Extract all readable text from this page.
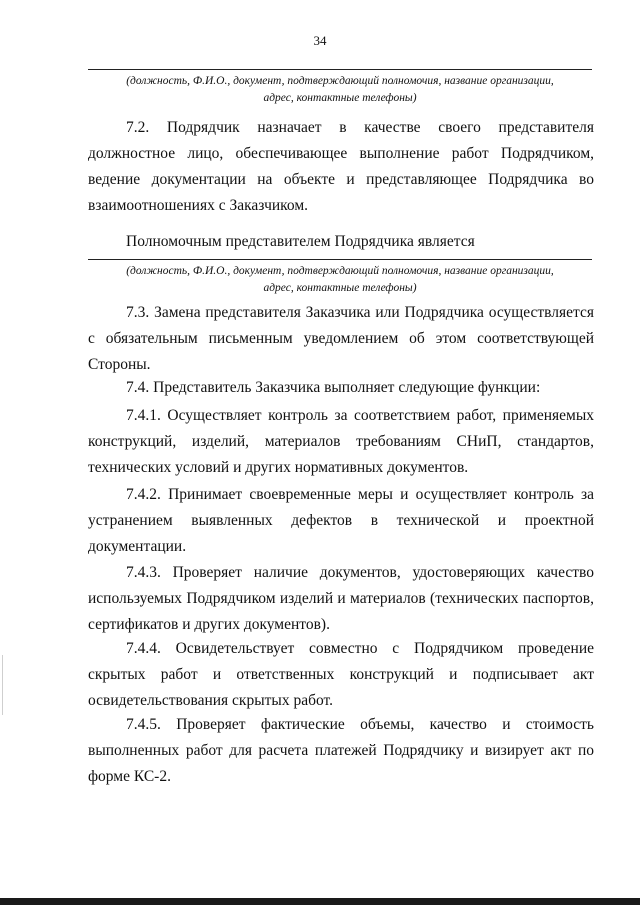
34
(должность, Ф.И.О., документ, подтверждающий полномочия, название организации,
адрес, контактные телефоны)

7.2. Подрядчик назначает в качестве своего представителя должностное лицо, обеспечивающее выполнение работ Подрядчиком, ведение документации на объекте и представляющее Подрядчика во взаимоотношениях с Заказчиком.

Полномочным представителем Подрядчика является
(должность, Ф.И.О., документ, подтверждающий полномочия, название организации,
адрес, контактные телефоны)

7.3. Замена представителя Заказчика или Подрядчика осуществляется с обязательным письменным уведомлением об этом соответствующей Стороны.

7.4. Представитель Заказчика выполняет следующие функции:

7.4.1. Осуществляет контроль за соответствием работ, применяемых конструкций, изделий, материалов требованиям СНиП, стандартов, технических условий и других нормативных документов.

7.4.2. Принимает своевременные меры и осуществляет контроль за устранением выявленных дефектов в технической и проектной документации.

7.4.3. Проверяет наличие документов, удостоверяющих качество используемых Подрядчиком изделий и материалов (технических паспортов, сертификатов и других документов).

7.4.4. Освидетельствует совместно с Подрядчиком проведение скрытых работ и ответственных конструкций и подписывает акт освидетельствования скрытых работ.

7.4.5. Проверяет фактические объемы, качество и стоимость выполненных работ для расчета платежей Подрядчику и визирует акт по форме КС-2.
